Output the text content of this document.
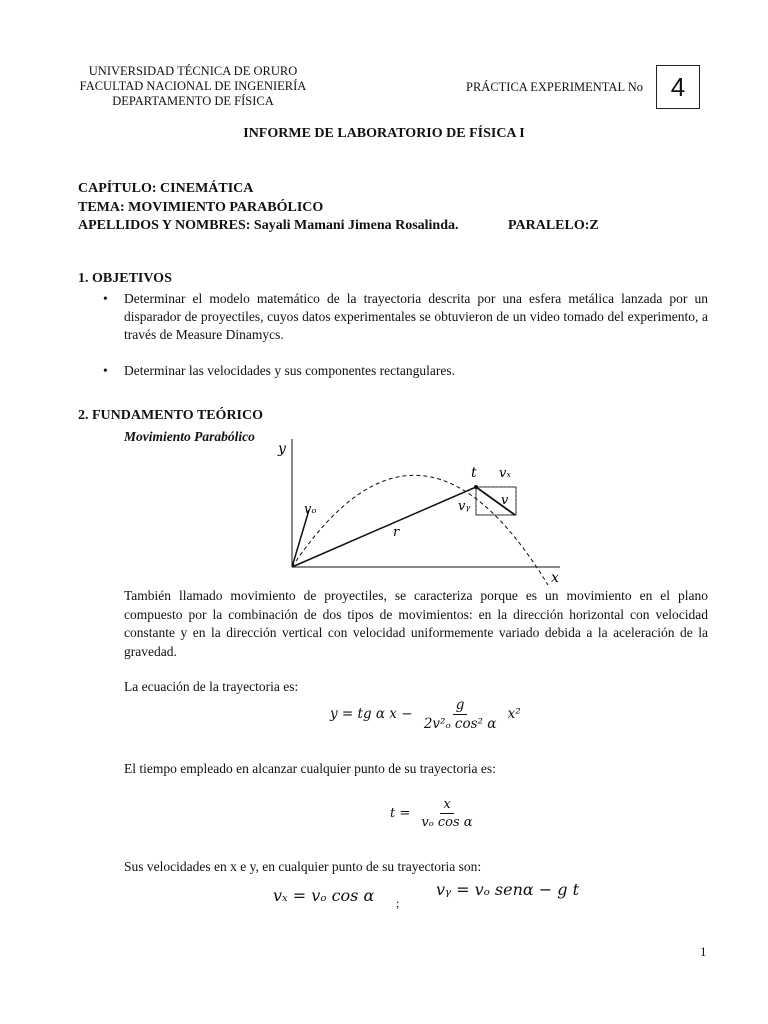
UNIVERSIDAD TÉCNICA DE ORURO
FACULTAD NACIONAL DE INGENIERÍA
DEPARTAMENTO DE FÍSICA
PRÁCTICA EXPERIMENTAL No 4
INFORME DE LABORATORIO DE FÍSICA I
CAPÍTULO: CINEMÁTICA
TEMA: MOVIMIENTO PARABÓLICO
APELLIDOS Y NOMBRES: Sayali Mamani Jimena Rosalinda.	PARALELO:Z
1. OBJETIVOS
• Determinar el modelo matemático de la trayectoria descrita por una esfera metálica lanzada por un disparador de proyectiles, cuyos datos experimentales se obtuvieron de un video tomado del experimento, a través de Measure Dinamycs.
• Determinar las velocidades y sus componentes rectangulares.
2. FUNDAMENTO TEÓRICO
Movimiento Parabólico
y
x
t vₓ
vᵧ v
vₒ
r
También llamado movimiento de proyectiles, se caracteriza porque es un movimiento en el plano compuesto por la combinación de dos tipos de movimientos: en la dirección horizontal con velocidad constante y en la dirección vertical con velocidad uniformemente variado debida a la aceleración de la gravedad.
La ecuación de la trayectoria es:
y = tg α $x - \frac{g}{\text{2v²ₒ cos² α}} x^2$
El tiempo empleado en alcanzar cualquier punto de su trayectoria es:
$t = \frac{x}{\text{vₒ cos α}}$
Sus velocidades en x e y, en cualquier punto de su trayectoria son:
vₓ = vₒ cos α ;
vᵧ = vₒ senα − g t
1
